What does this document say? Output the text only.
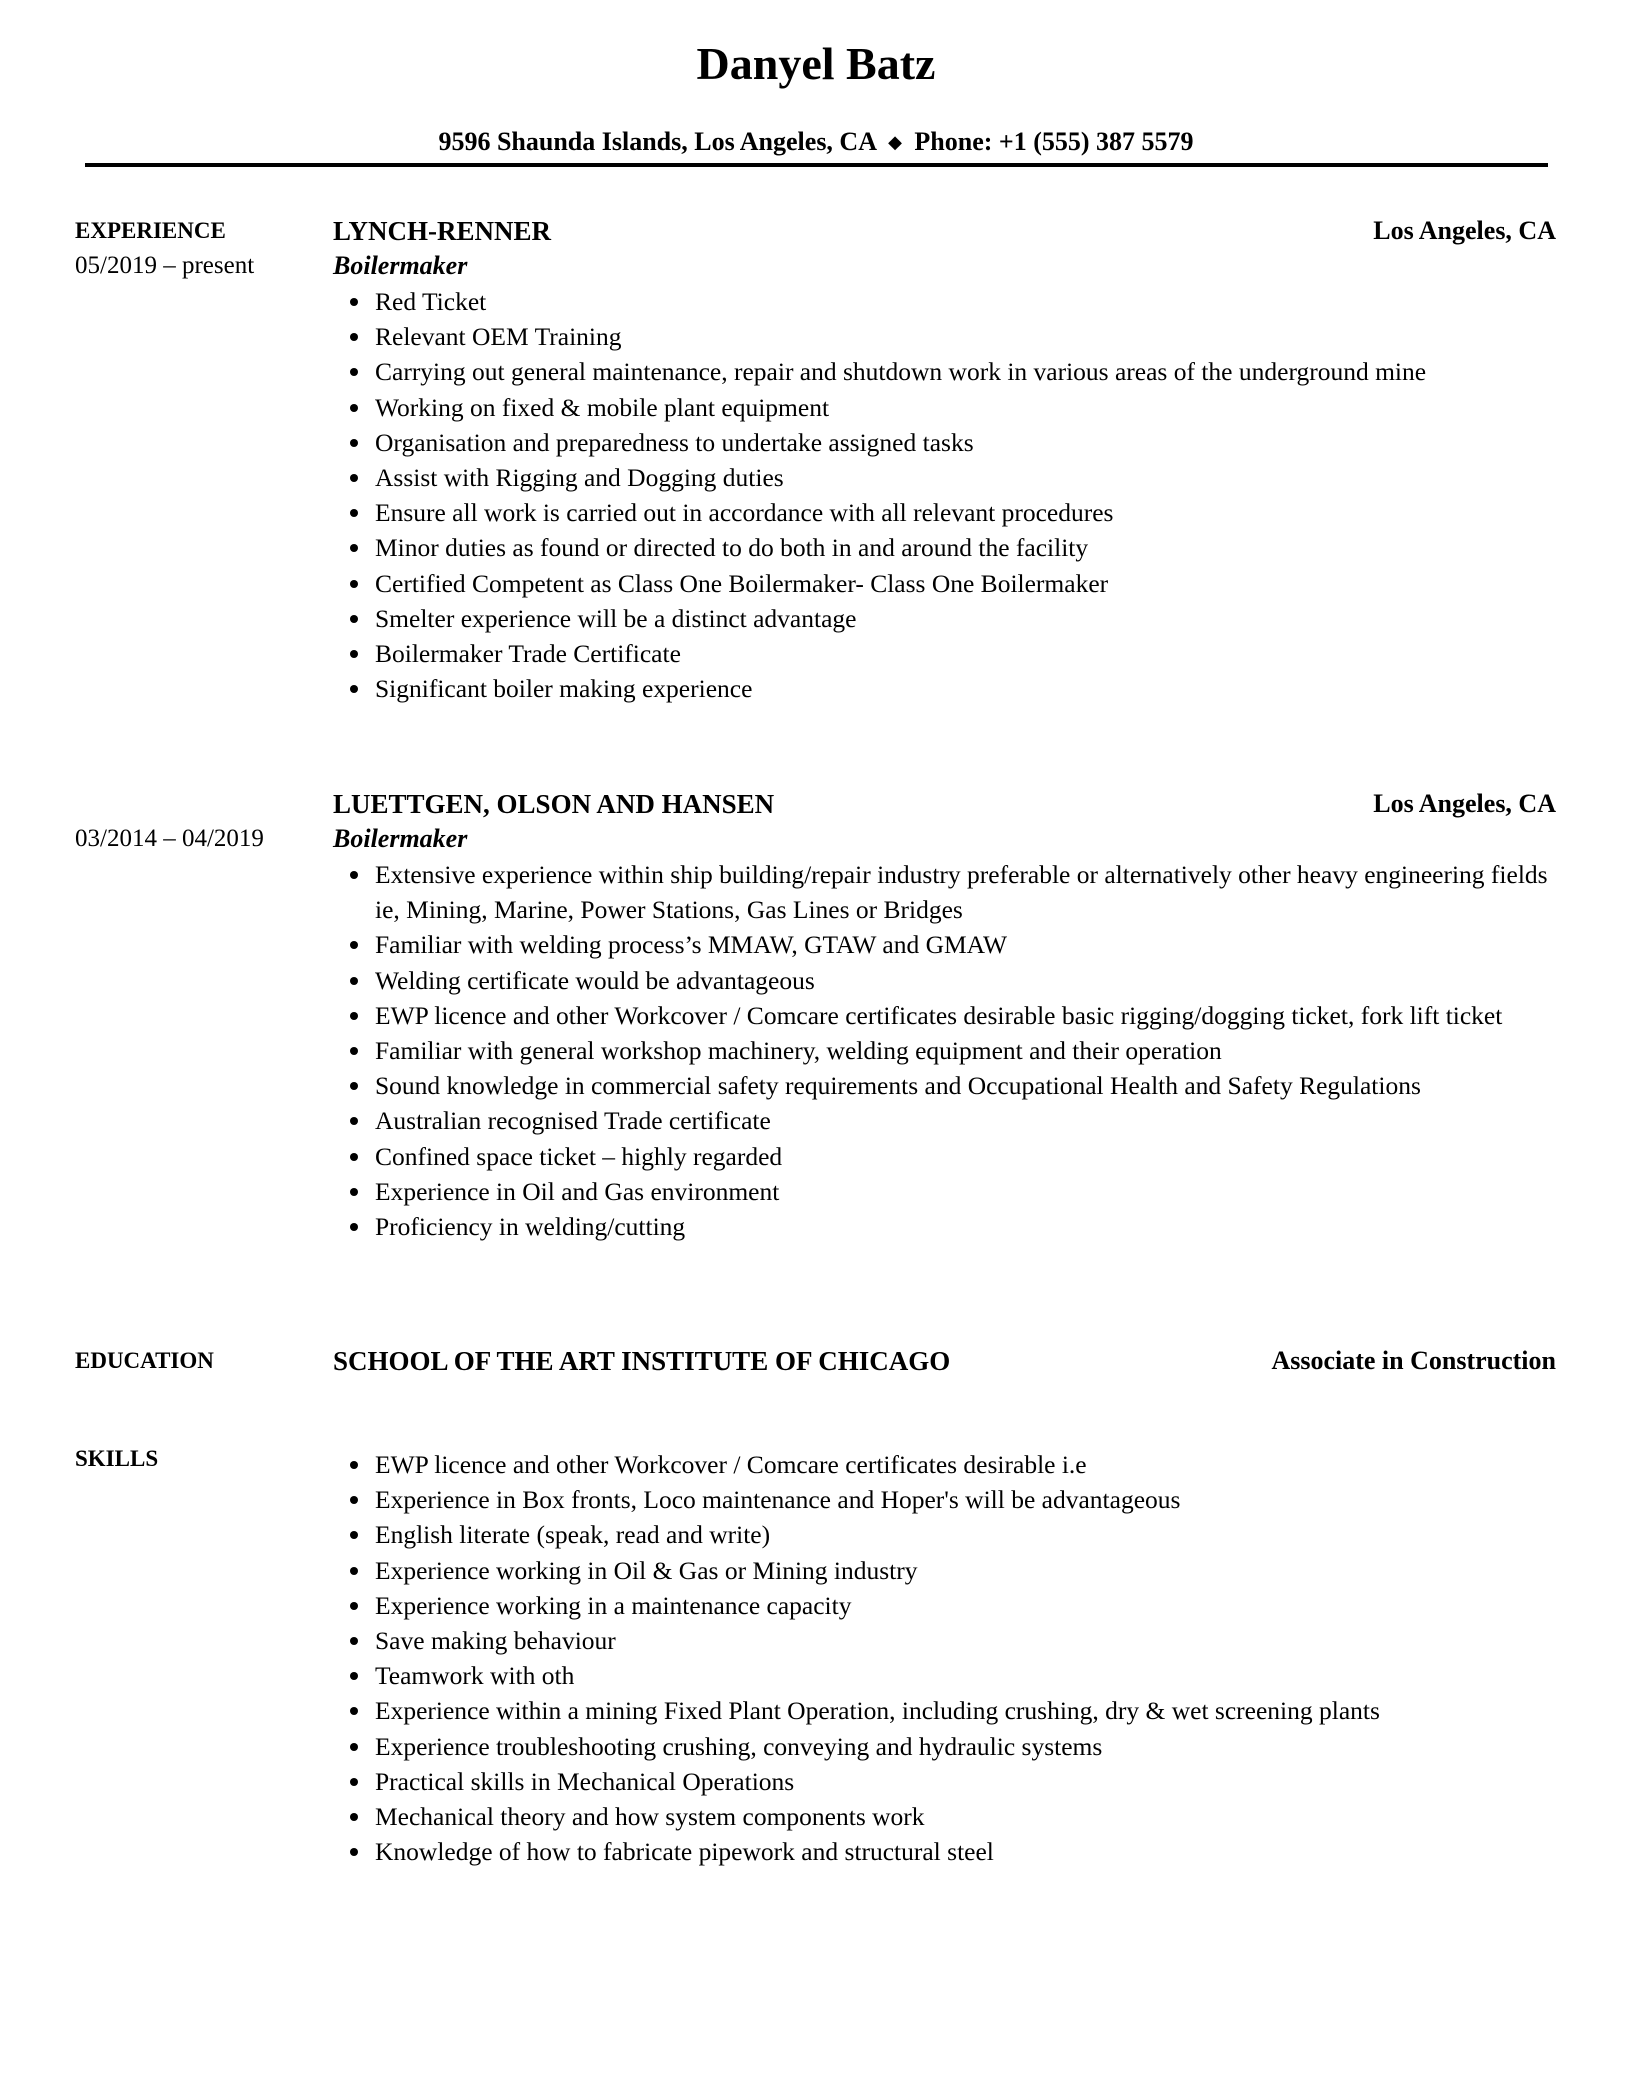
Danyel Batz
9596 Shaunda Islands, Los Angeles, CA ◆ Phone: +1 (555) 387 5579
EXPERIENCE	LYNCH-RENNER	Los Angeles, CA
05/2019 – present	Boilermaker
Red Ticket
Relevant OEM Training
Carrying out general maintenance, repair and shutdown work in various areas of the underground mine
Working on fixed & mobile plant equipment
Organisation and preparedness to undertake assigned tasks
Assist with Rigging and Dogging duties
Ensure all work is carried out in accordance with all relevant procedures
Minor duties as found or directed to do both in and around the facility
Certified Competent as Class One Boilermaker- Class One Boilermaker
Smelter experience will be a distinct advantage
Boilermaker Trade Certificate
Significant boiler making experience
LUETTGEN, OLSON AND HANSEN	Los Angeles, CA
03/2014 – 04/2019	Boilermaker
Extensive experience within ship building/repair industry preferable or alternatively other heavy engineering fields ie, Mining, Marine, Power Stations, Gas Lines or Bridges
Familiar with welding process’s MMAW, GTAW and GMAW
Welding certificate would be advantageous
EWP licence and other Workcover / Comcare certificates desirable basic rigging/dogging ticket, fork lift ticket
Familiar with general workshop machinery, welding equipment and their operation
Sound knowledge in commercial safety requirements and Occupational Health and Safety Regulations
Australian recognised Trade certificate
Confined space ticket – highly regarded
Experience in Oil and Gas environment
Proficiency in welding/cutting
EDUCATION	SCHOOL OF THE ART INSTITUTE OF CHICAGO	Associate in Construction
SKILLS	EWP licence and other Workcover / Comcare certificates desirable i.e
Experience in Box fronts, Loco maintenance and Hoper's will be advantageous
English literate (speak, read and write)
Experience working in Oil & Gas or Mining industry
Experience working in a maintenance capacity
Save making behaviour
Teamwork with oth
Experience within a mining Fixed Plant Operation, including crushing, dry & wet screening plants
Experience troubleshooting crushing, conveying and hydraulic systems
Practical skills in Mechanical Operations
Mechanical theory and how system components work
Knowledge of how to fabricate pipework and structural steel
